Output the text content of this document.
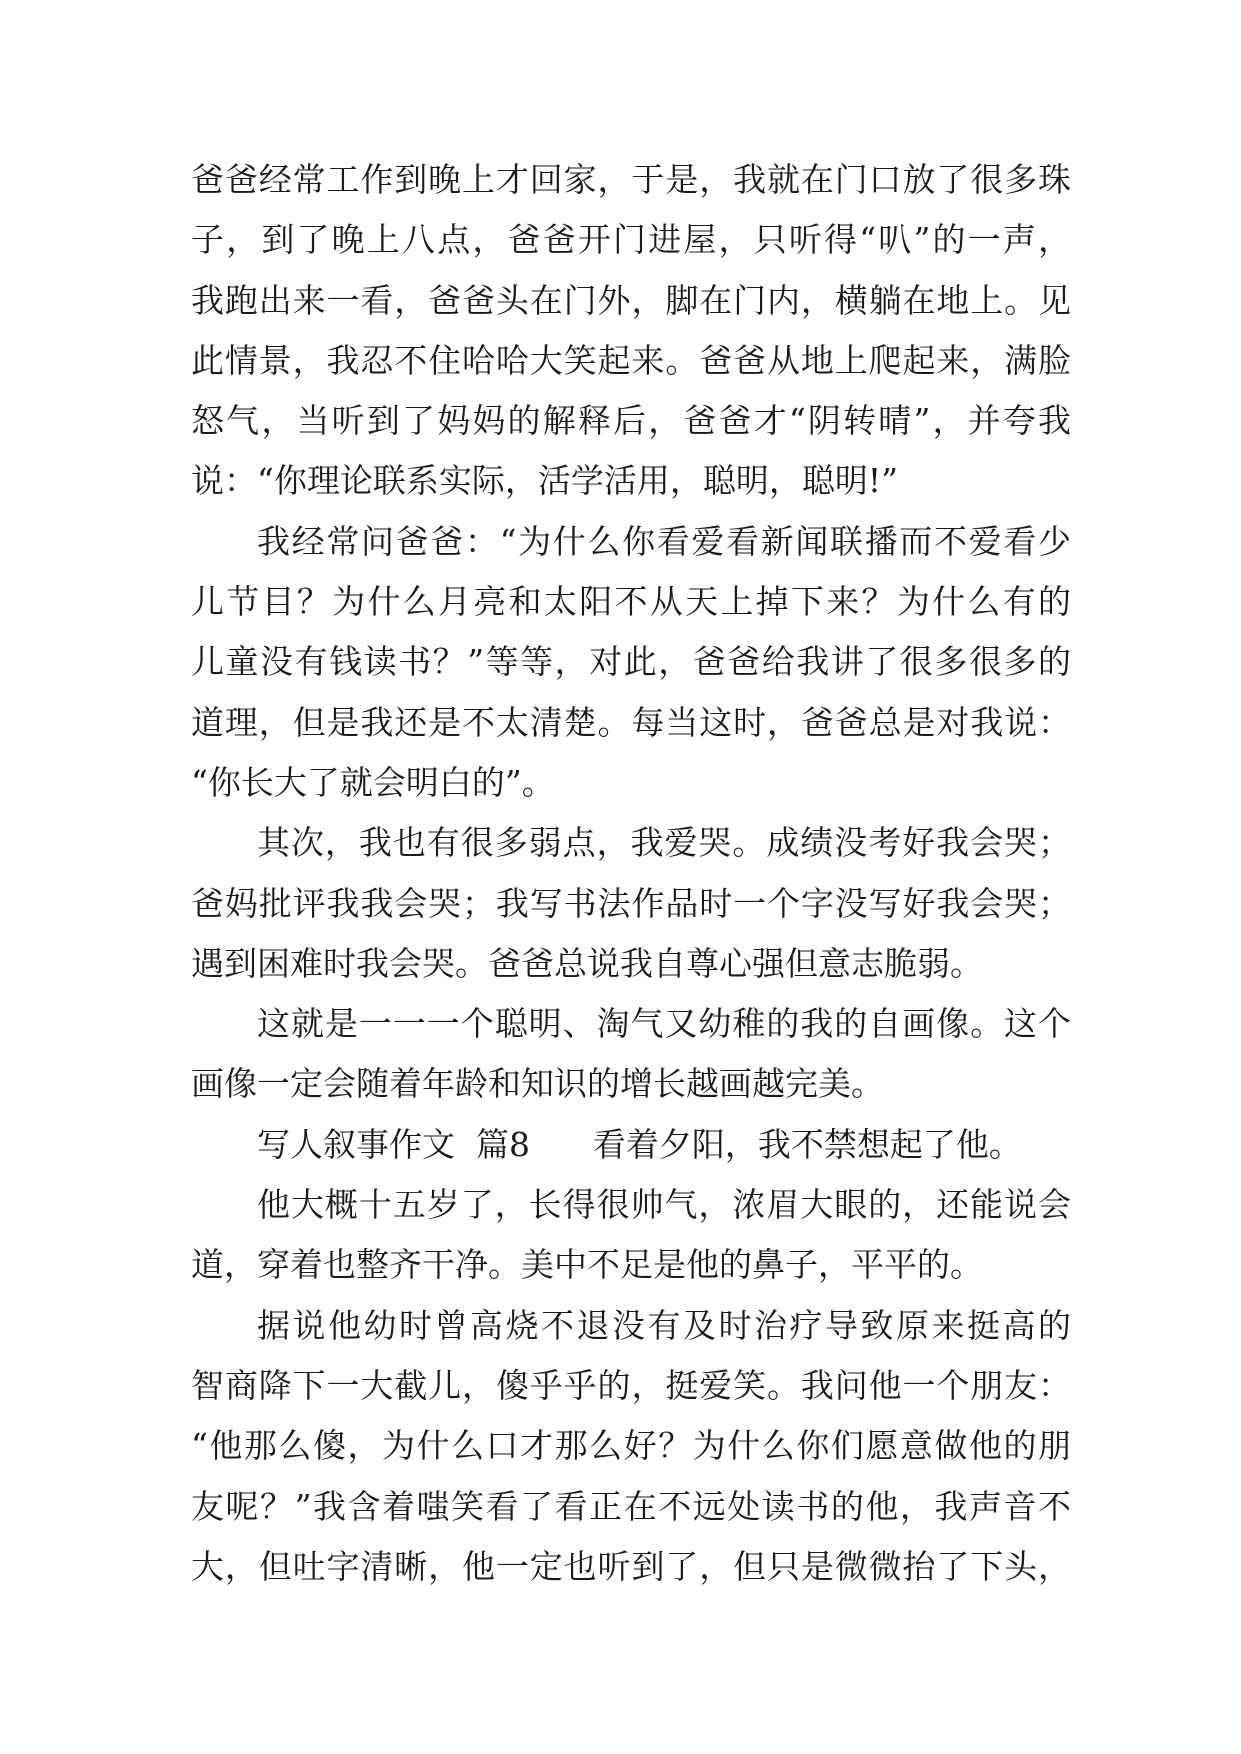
爸爸经常工作到晚上才回家，于是，我就在门口放了很多珠
子，到了晚上八点，爸爸开门进屋，只听得“叭”的一声，
我跑出来一看，爸爸头在门外，脚在门内，横躺在地上。见
此情景，我忍不住哈哈大笑起来。爸爸从地上爬起来，满脸
怒气，当听到了妈妈的解释后，爸爸才“阴转晴”，并夸我
说：“你理论联系实际，活学活用，聪明，聪明!”
我经常问爸爸：“为什么你看爱看新闻联播而不爱看少
儿节目？为什么月亮和太阳不从天上掉下来？为什么有的
儿童没有钱读书？”等等，对此，爸爸给我讲了很多很多的
道理，但是我还是不太清楚。每当这时，爸爸总是对我说：
“你长大了就会明白的”。
其次，我也有很多弱点，我爱哭。成绩没考好我会哭；
爸妈批评我我会哭；我写书法作品时一个字没写好我会哭；
遇到困难时我会哭。爸爸总说我自尊心强但意志脆弱。
这就是一一一个聪明、淘气又幼稚的我的自画像。这个
画像一定会随着年龄和知识的增长越画越完美。
写人叙事作文  篇8      看着夕阳，我不禁想起了他。
他大概十五岁了，长得很帅气，浓眉大眼的，还能说会
道，穿着也整齐干净。美中不足是他的鼻子，平平的。
据说他幼时曾高烧不退没有及时治疗导致原来挺高的
智商降下一大截儿，傻乎乎的，挺爱笑。我问他一个朋友：
“他那么傻，为什么口才那么好？为什么你们愿意做他的朋
友呢？”我含着嗤笑看了看正在不远处读书的他，我声音不
大，但吐字清晰，他一定也听到了，但只是微微抬了下头，
